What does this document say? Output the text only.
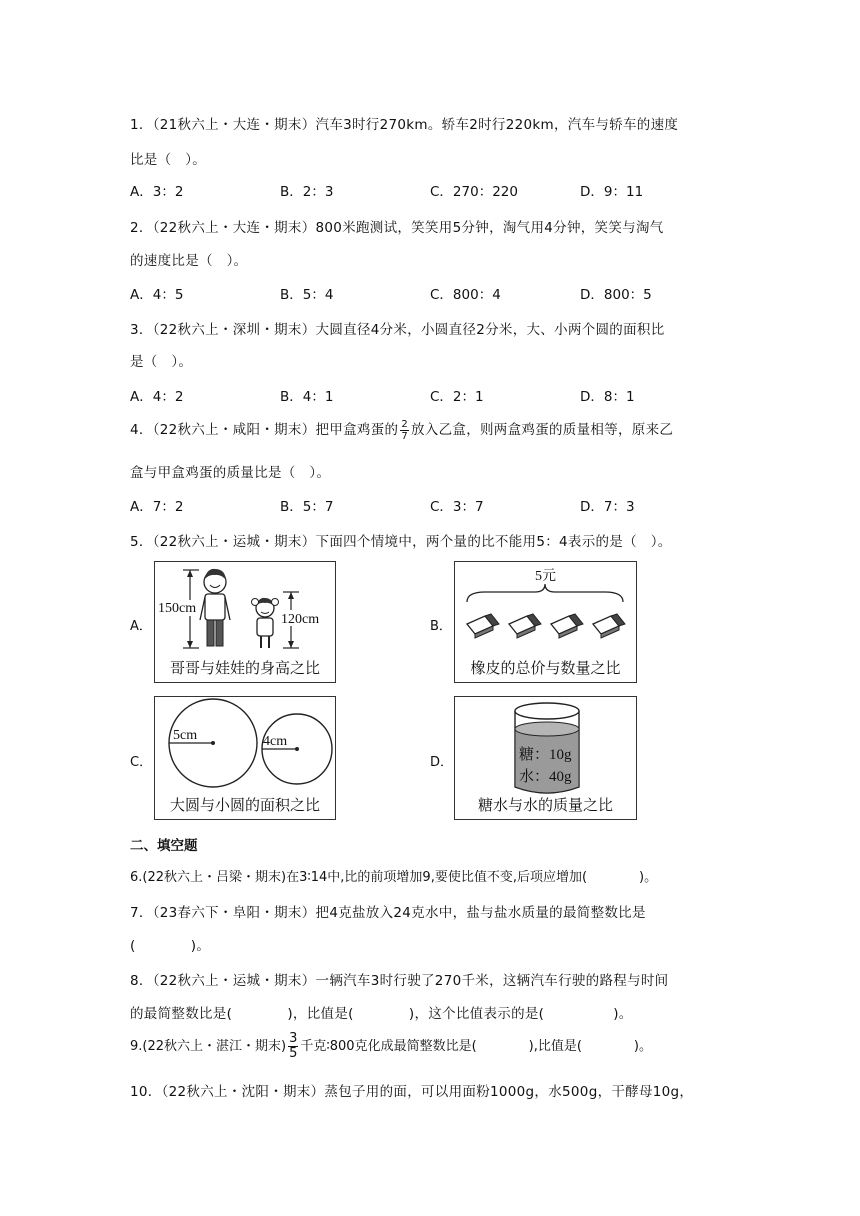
1．（21秋六上・大连・期末）汽车3时行270km。轿车2时行220km，汽车与轿车的速度
比是（　）。
A．3：2	B．2：3	C．270：220	D．9：11
2．（22秋六上・大连・期末）800米跑测试，笑笑用5分钟，淘气用4分钟，笑笑与淘气
的速度比是（　）。
A．4：5	B．5：4	C．800：4	D．800：5
3．（22秋六上・深圳・期末）大圆直径4分米，小圆直径2分米，大、小两个圆的面积比
是（　）。
A．4：2	B．4：1	C．2：1	D．8：1
4．（22秋六上・咸阳・期末）把甲盒鸡蛋的 $\frac{2}{7}$ 放入乙盒，则两盒鸡蛋的质量相等，原来乙
盒与甲盒鸡蛋的质量比是（　）。
A．7：2	B．5：7	C．3：7	D．7：3
5．（22秋六上・运城・期末）下面四个情境中，两个量的比不能用5：4表示的是（　）。
A．
150cm
120cm
哥哥与娃娃的身高之比
B．
5元
橡皮的总价与数量之比
C．
5cm	4cm
大圆与小圆的面积之比
D．	糖：10g
水：40g
糖水与水的质量之比
二、填空题
6.(22秋六上・吕梁・期末)在3∶14中,比的前项增加9,要使比值不变,后项应增加(　　　　)。
7．（23春六下・阜阳・期末）把4克盐放入24克水中，盐与盐水质量的最简整数比是
(　　　　)。
8．（22秋六上・运城・期末）一辆汽车3时行驶了270千米，这辆汽车行驶的路程与时间
的最简整数比是(　　　　)，比值是(　　　　)，这个比值表示的是(　　　　　)。
9.(22秋六上・湛江・期末) $\frac{3}{5}$ 千克∶800克化成最简整数比是(　　　　),比值是(　　　　)。
10．（22秋六上・沈阳・期末）蒸包子用的面，可以用面粉1000g，水500g，干酵母10g，
